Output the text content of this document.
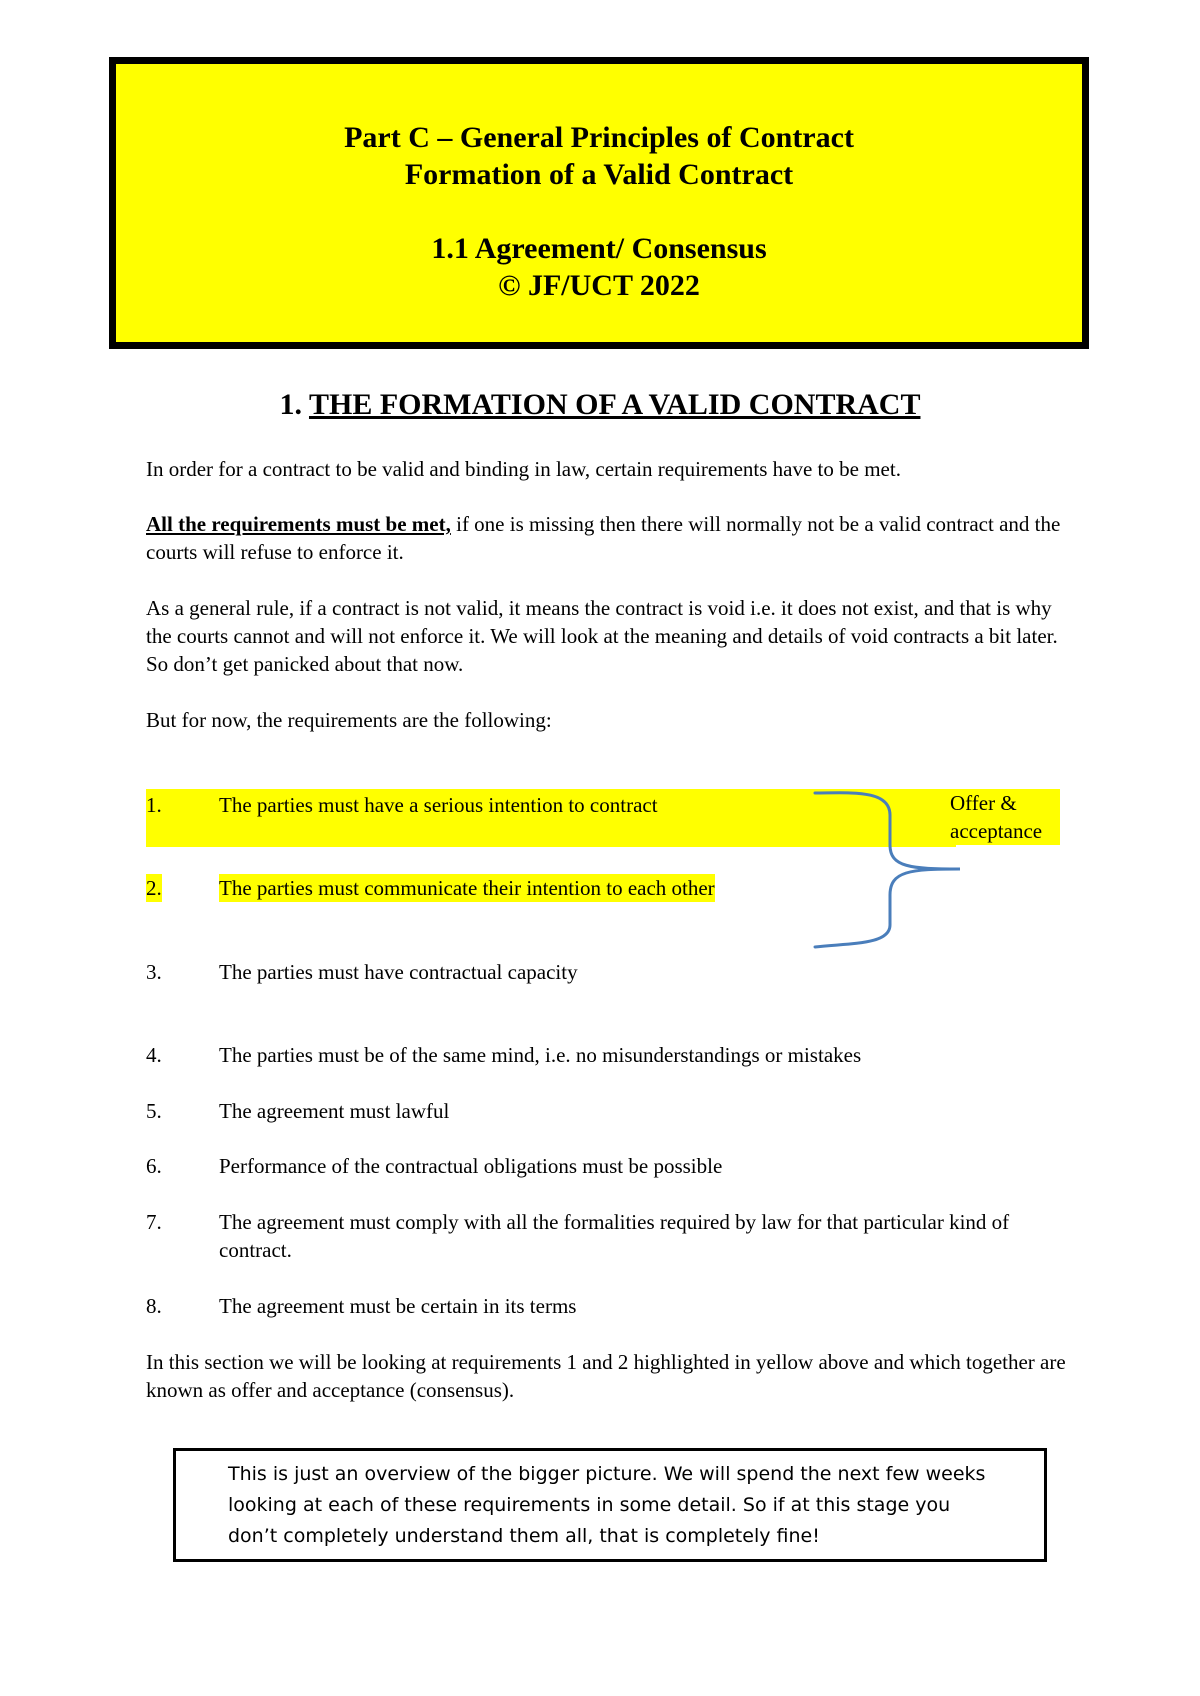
Part C – General Principles of Contract
Formation of a Valid Contract
1.1 Agreement/ Consensus
© JF/UCT 2022
1. THE FORMATION OF A VALID CONTRACT
In order for a contract to be valid and binding in law, certain requirements have to be met.
All the requirements must be met, if one is missing then there will normally not be a valid contract and the courts will refuse to enforce it.
As a general rule, if a contract is not valid, it means the contract is void i.e. it does not exist, and that is why the courts cannot and will not enforce it. We will look at the meaning and details of void contracts a bit later. So don’t get panicked about that now.
But for now, the requirements are the following:
1.	The parties must have a serious intention to contract
2.	The parties must communicate their intention to each other
3.	The parties must have contractual capacity
4.	The parties must be of the same mind, i.e. no misunderstandings or mistakes
5.	The agreement must lawful
6.	Performance of the contractual obligations must be possible
7.	The agreement must comply with all the formalities required by law for that particular kind of contract.
8.	The agreement must be certain in its terms
Offer & acceptance
In this section we will be looking at requirements 1 and 2 highlighted in yellow above and which together are known as offer and acceptance (consensus).
This is just an overview of the bigger picture. We will spend the next few weeks looking at each of these requirements in some detail. So if at this stage you don’t completely understand them all, that is completely fine!
